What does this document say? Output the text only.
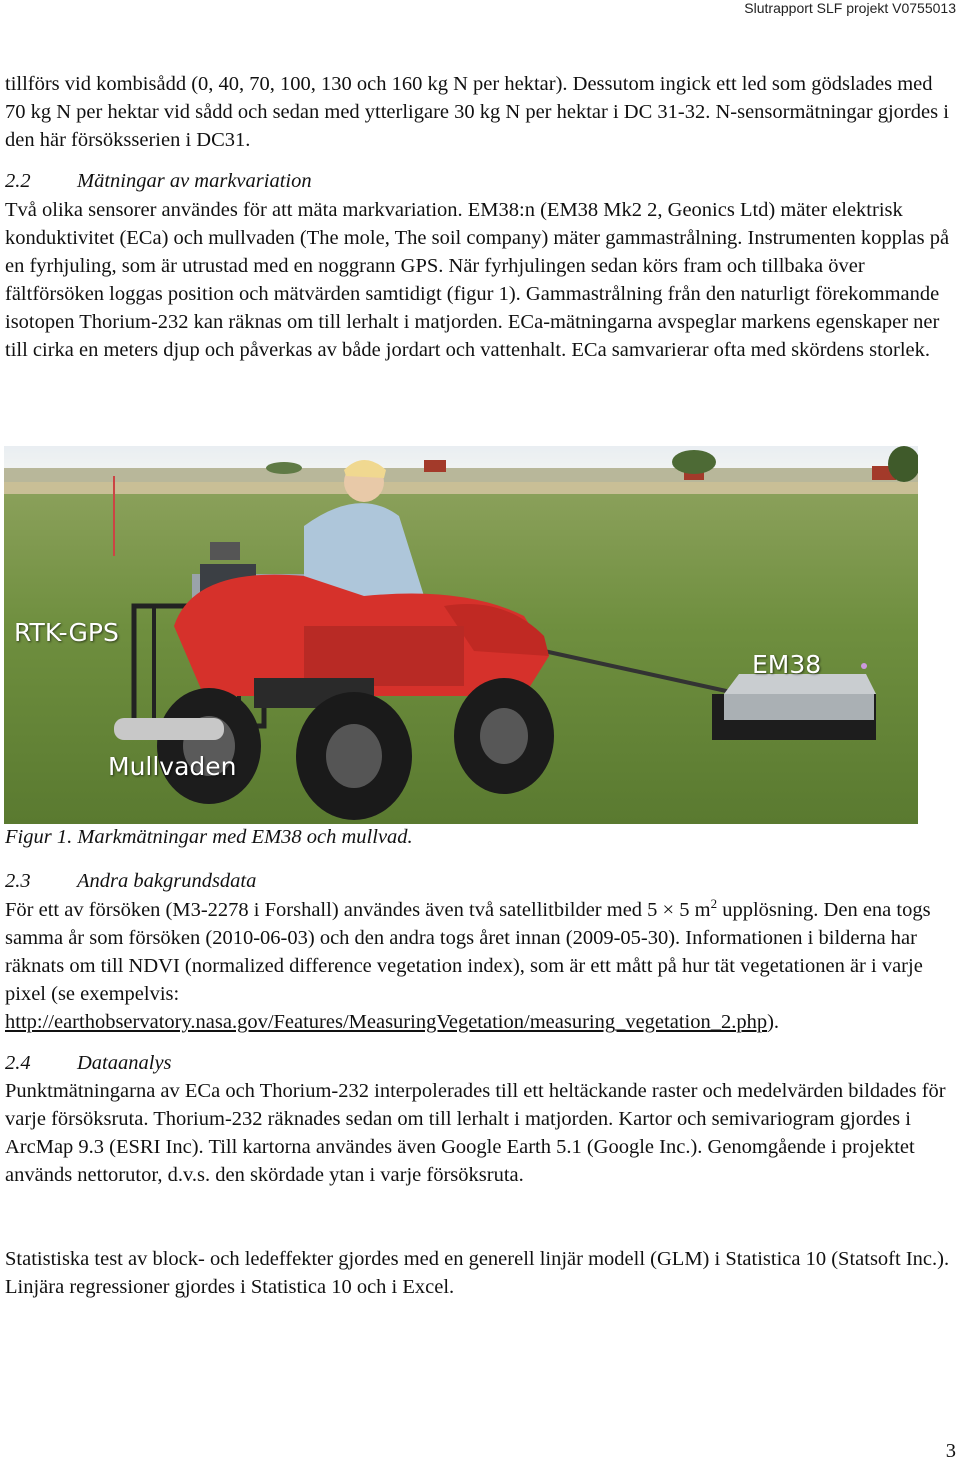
Slutrapport SLF projekt V0755013

tillförs vid kombisådd (0, 40, 70, 100, 130 och 160 kg N per hektar). Dessutom ingick ett led som gödslades med 70 kg N per hektar vid sådd och sedan med ytterligare 30 kg N per hektar i DC 31-32. N-sensormätningar gjordes i den här försöksserien i DC31.

2.2 Mätningar av markvariation

Två olika sensorer användes för att mäta markvariation. EM38:n (EM38 Mk2 2, Geonics Ltd) mäter elektrisk konduktivitet (ECa) och mullvaden (The mole, The soil company) mäter gammastrålning. Instrumenten kopplas på en fyrhjuling, som är utrustad med en noggrann GPS. När fyrhjulingen sedan körs fram och tillbaka över fältförsöken loggas position och mätvärden samtidigt (figur 1). Gammastrålning från den naturligt förekommande isotopen Thorium-232 kan räknas om till lerhalt i matjorden. ECa-mätningarna avspeglar markens egenskaper ner till cirka en meters djup och påverkas av både jordart och vattenhalt. ECa samvarierar ofta med skördens storlek.

RTK-GPS
EM38
Mullvaden

Figur 1. Markmätningar med EM38 och mullvad.

2.3 Andra bakgrundsdata

För ett av försöken (M3-2278 i Forshall) användes även två satellitbilder med 5 × 5 $m^2$ upplösning. Den ena togs samma år som försöken (2010-06-03) och den andra togs året innan (2009-05-30). Informationen i bilderna har räknats om till NDVI (normalized difference vegetation index), som är ett mått på hur tät vegetationen är i varje pixel (se exempelvis: http://earthobservatory.nasa.gov/Features/MeasuringVegetation/measuring_vegetation_2.php).

2.4 Dataanalys

Punktmätningarna av ECa och Thorium-232 interpolerades till ett heltäckande raster och medelvärden bildades för varje försöksruta. Thorium-232 räknades sedan om till lerhalt i matjorden. Kartor och semivariogram gjordes i ArcMap 9.3 (ESRI Inc). Till kartorna användes även Google Earth 5.1 (Google Inc.). Genomgående i projektet används nettorutor, d.v.s. den skördade ytan i varje försöksruta.

Statistiska test av block- och ledeffekter gjordes med en generell linjär modell (GLM) i Statistica 10 (Statsoft Inc.). Linjära regressioner gjordes i Statistica 10 och i Excel.

3
